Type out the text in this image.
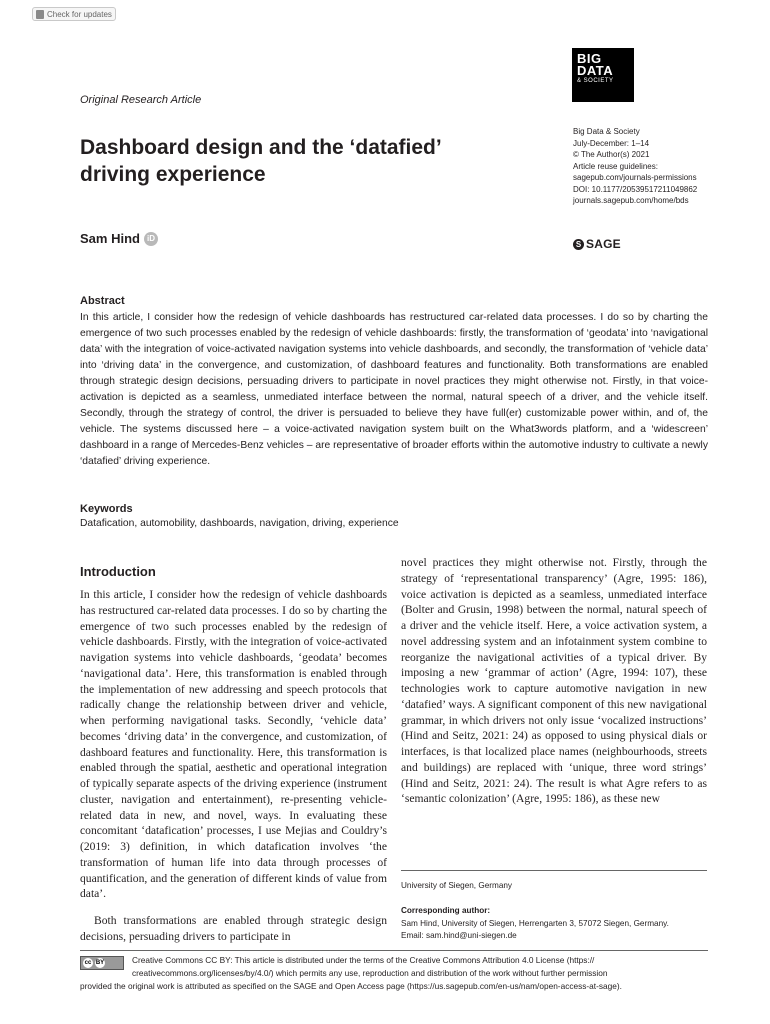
Check for updates
BIG
DATA
& SOCIETY
Original Research Article
Dashboard design and the ‘datafied’
driving experience
Big Data & Society
July-December: 1–14
© The Author(s) 2021
Article reuse guidelines:
sagepub.com/journals-permissions
DOI: 10.1177/20539517211049862
journals.sagepub.com/home/bds
S SAGE
Sam Hind iD
Abstract

In this article, I consider how the redesign of vehicle dashboards has restructured car-related data processes. I do so by charting the emergence of two such processes enabled by the redesign of vehicle dashboards: firstly, the transformation of ‘geodata’ into ‘navigational data’ with the integration of voice-activated navigation systems into vehicle dashboards, and secondly, the transformation of ‘vehicle data’ into ‘driving data’ in the convergence, and customization, of dashboard features and functionality. Both transformations are enabled through strategic design decisions, persuading drivers to participate in novel practices they might otherwise not. Firstly, in that voice-activation is depicted as a seamless, unmediated interface between the normal, natural speech of a driver, and the vehicle itself. Secondly, through the strategy of control, the driver is persuaded to believe they have full(er) customizable power within, and of, the vehicle. The systems discussed here – a voice-activated navigation system built on the What3words platform, and a ‘widescreen’ dashboard in a range of Mercedes-Benz vehicles – are representative of broader efforts within the automotive industry to cultivate a newly ‘datafied’ driving experience.

Keywords

Datafication, automobility, dashboards, navigation, driving, experience

Introduction

In this article, I consider how the redesign of vehicle dashboards has restructured car-related data processes. I do so by charting the emergence of two such processes enabled by the redesign of vehicle dashboards. Firstly, with the integration of voice-activated navigation systems into vehicle dashboards, ‘geodata’ becomes ‘navigational data’. Here, this transformation is enabled through the implementation of new addressing and speech protocols that radically change the relationship between driver and vehicle, when performing navigational tasks. Secondly, ‘vehicle data’ becomes ‘driving data’ in the convergence, and customization, of dashboard features and functionality. Here, this transformation is enabled through the spatial, aesthetic and operational integration of typically separate aspects of the driving experience (instrument cluster, navigation and entertainment), re-presenting vehicle-related data in new, and novel, ways. In evaluating these concomitant ‘datafication’ processes, I use Mejias and Couldry’s (2019: 3) definition, in which datafication involves ‘the transformation of human life into data through processes of quantification, and the generation of different kinds of value from data’.

Both transformations are enabled through strategic design decisions, persuading drivers to participate in

novel practices they might otherwise not. Firstly, through the strategy of ‘representational transparency’ (Agre, 1995: 186), voice activation is depicted as a seamless, unmediated interface (Bolter and Grusin, 1998) between the normal, natural speech of a driver and the vehicle itself. Here, a voice activation system, a novel addressing system and an infotainment system combine to reorganize the navigational activities of a typical driver. By imposing a new ‘grammar of action’ (Agre, 1994: 107), these technologies work to capture automotive navigation in new ‘datafied’ ways. A significant component of this new navigational grammar, in which drivers not only issue ‘vocalized instructions’ (Hind and Seitz, 2021: 24) as opposed to using physical dials or interfaces, is that localized place names (neighbourhoods, streets and buildings) are replaced with ‘unique, three word strings’ (Hind and Seitz, 2021: 24). The result is what Agre refers to as ‘semantic colonization’ (Agre, 1995: 186), as these new

University of Siegen, Germany
Corresponding author:
Sam Hind, University of Siegen, Herrengarten 3, 57072 Siegen, Germany.
Email: sam.hind@uni-siegen.de
cc BY	Creative Commons CC BY: This article is distributed under the terms of the Creative Commons Attribution 4.0 License (https://
creativecommons.org/licenses/by/4.0/) which permits any use, reproduction and distribution of the work without further permission
provided the original work is attributed as specified on the SAGE and Open Access page (https://us.sagepub.com/en-us/nam/open-access-at-sage).
